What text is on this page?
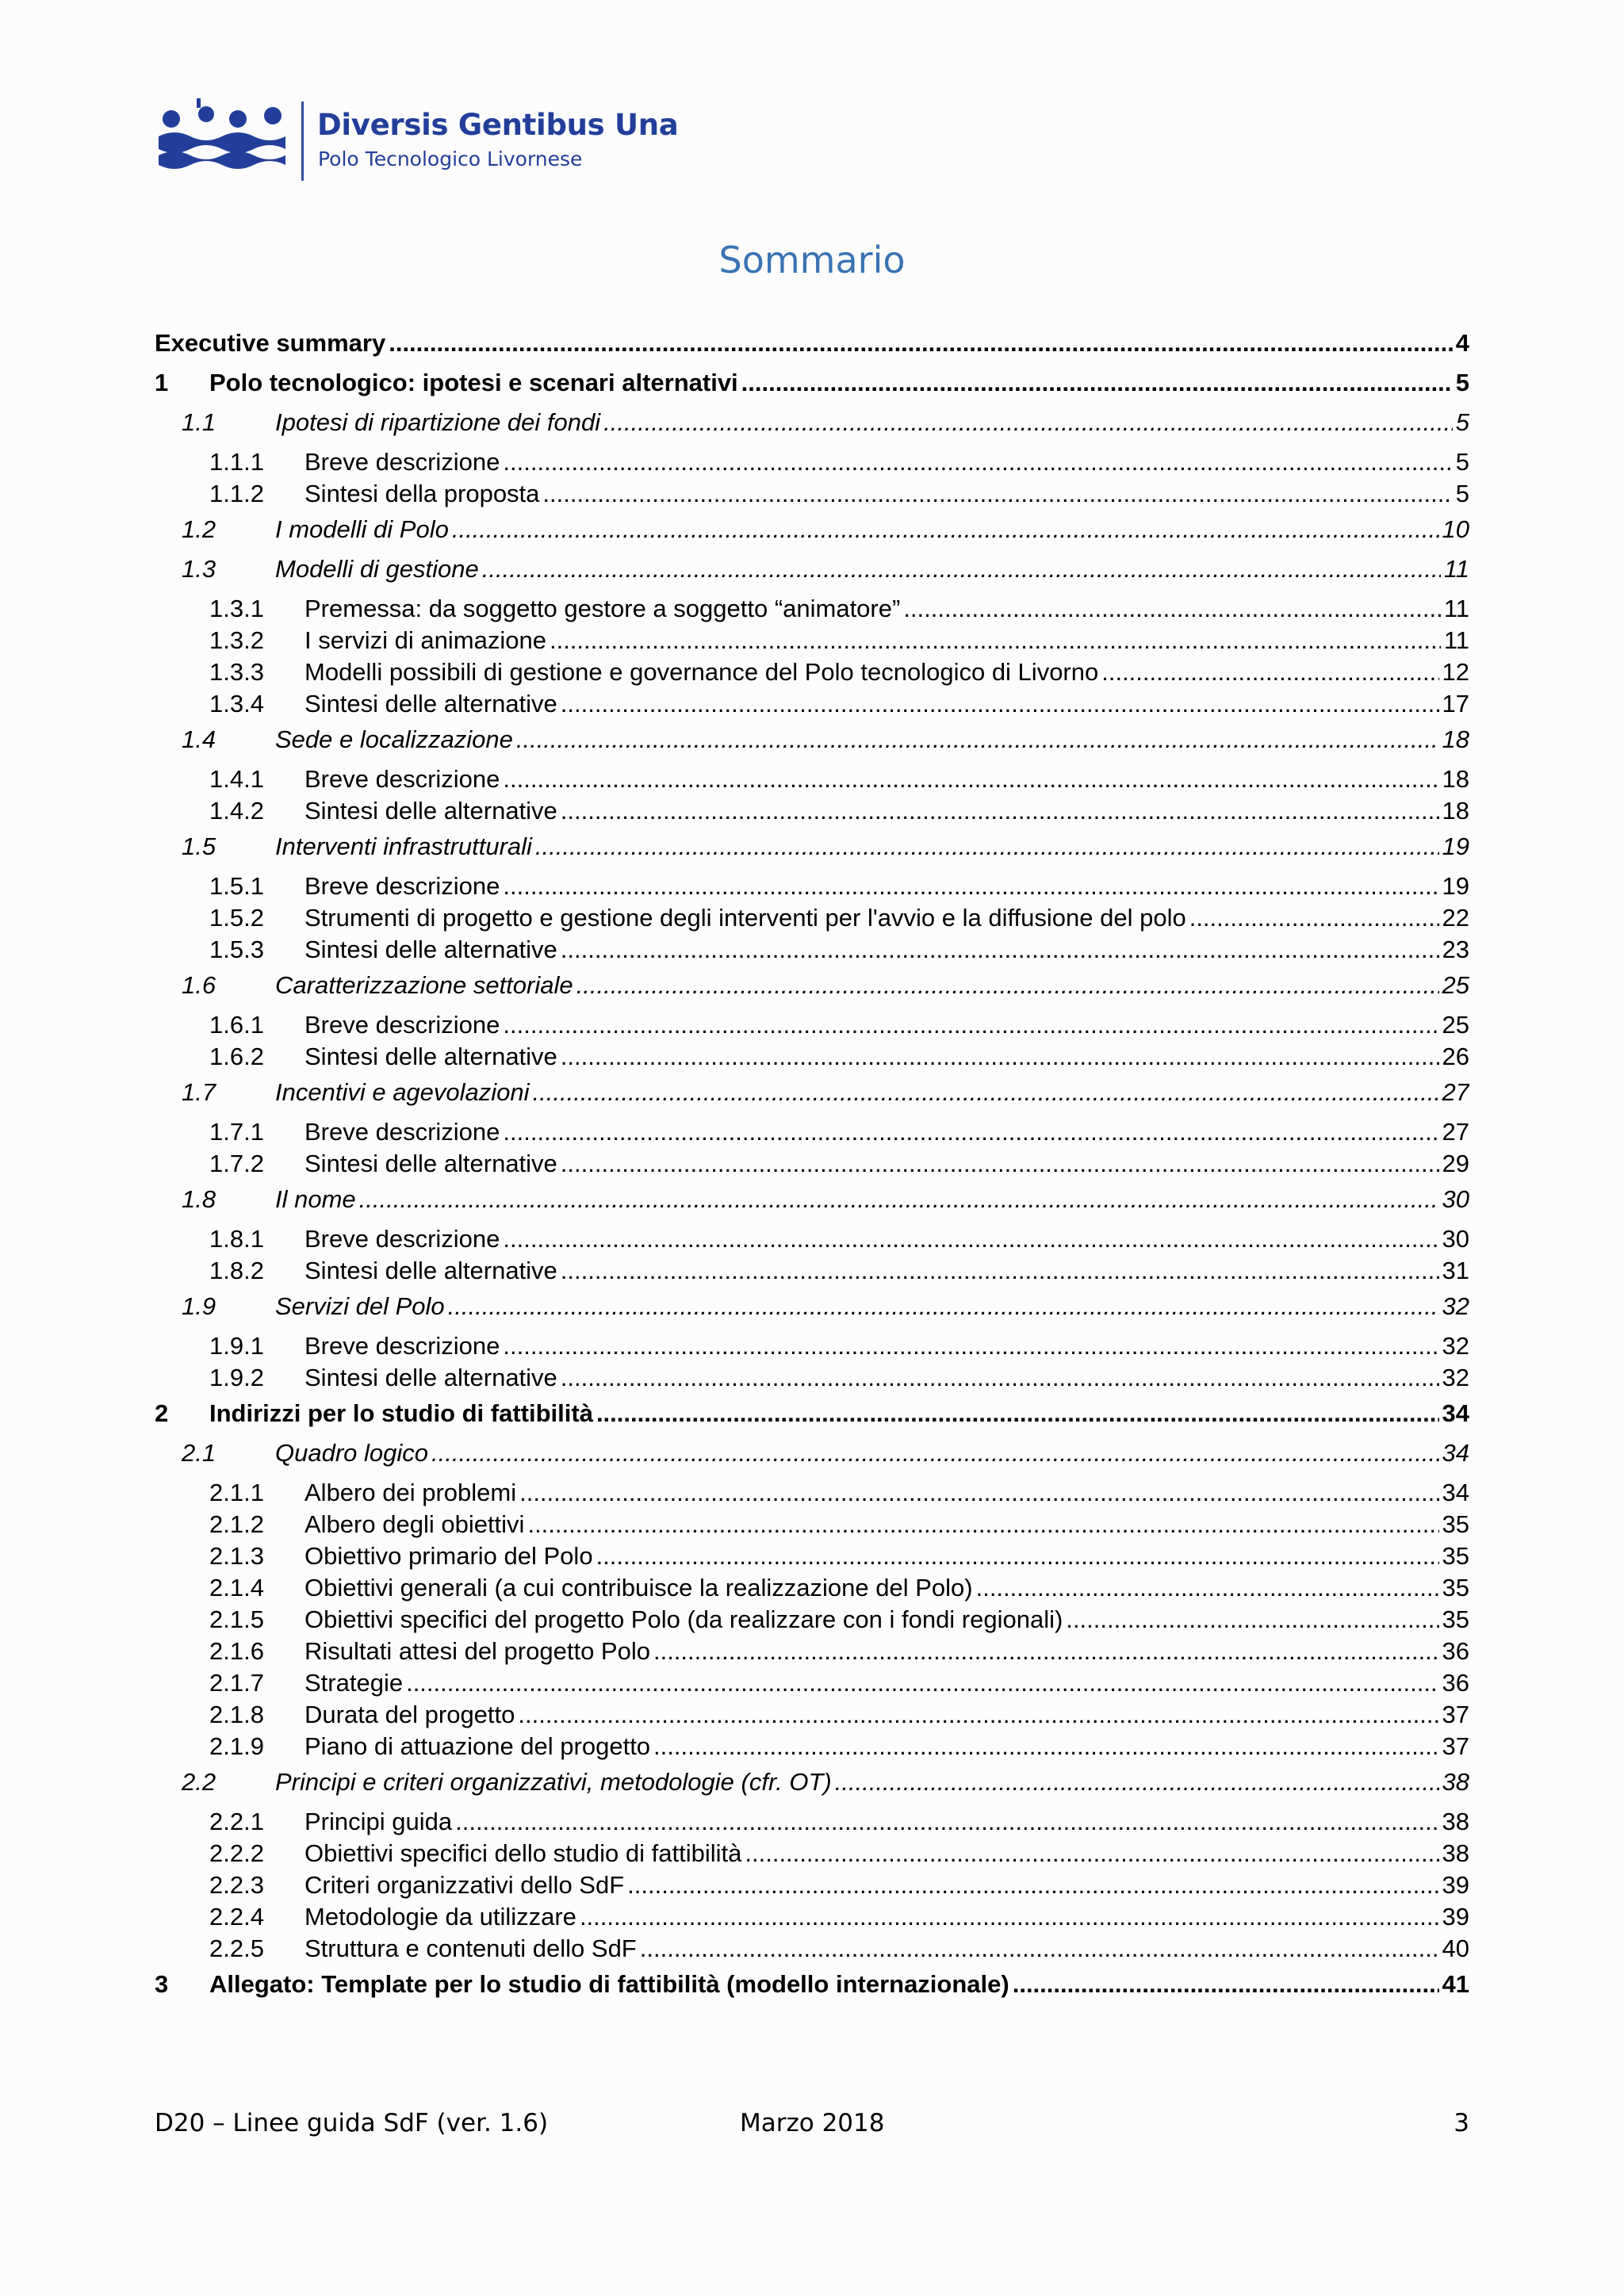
Diversis Gentibus Una
Polo Tecnologico Livornese
Sommario
Executive summary .....	4
1 Polo tecnologico: ipotesi e scenari alternativi .....	5
1.1 Ipotesi di ripartizione dei fondi .....	5
1.1.1 Breve descrizione .....	5
1.1.2 Sintesi della proposta .....	5
1.2 I modelli di Polo .....	10
1.3 Modelli di gestione .....	11
1.3.1 Premessa: da soggetto gestore a soggetto “animatore” .....	11
1.3.2 I servizi di animazione .....	11
1.3.3 Modelli possibili di gestione e governance del Polo tecnologico di Livorno .....	12
1.3.4 Sintesi delle alternative .....	17
1.4 Sede e localizzazione .....	18
1.4.1 Breve descrizione .....	18
1.4.2 Sintesi delle alternative .....	18
1.5 Interventi infrastrutturali .....	19
1.5.1 Breve descrizione .....	19
1.5.2 Strumenti di progetto e gestione degli interventi per l'avvio e la diffusione del polo .....	22
1.5.3 Sintesi delle alternative .....	23
1.6 Caratterizzazione settoriale .....	25
1.6.1 Breve descrizione .....	25
1.6.2 Sintesi delle alternative .....	26
1.7 Incentivi e agevolazioni .....	27
1.7.1 Breve descrizione .....	27
1.7.2 Sintesi delle alternative .....	29
1.8 Il nome .....	30
1.8.1 Breve descrizione .....	30
1.8.2 Sintesi delle alternative .....	31
1.9 Servizi del Polo .....	32
1.9.1 Breve descrizione .....	32
1.9.2 Sintesi delle alternative .....	32
2 Indirizzi per lo studio di fattibilità .....	34
2.1 Quadro logico .....	34
2.1.1 Albero dei problemi .....	34
2.1.2 Albero degli obiettivi .....	35
2.1.3 Obiettivo primario del Polo .....	35
2.1.4 Obiettivi generali (a cui contribuisce la realizzazione del Polo) .....	35
2.1.5 Obiettivi specifici del progetto Polo (da realizzare con i fondi regionali) .....	35
2.1.6 Risultati attesi del progetto Polo .....	36
2.1.7 Strategie .....	36
2.1.8 Durata del progetto .....	37
2.1.9 Piano di attuazione del progetto .....	37
2.2 Principi e criteri organizzativi, metodologie (cfr. OT) .....	38
2.2.1 Principi guida .....	38
2.2.2 Obiettivi specifici dello studio di fattibilità .....	38
2.2.3 Criteri organizzativi dello SdF .....	39
2.2.4 Metodologie da utilizzare .....	39
2.2.5 Struttura e contenuti dello SdF .....	40
3 Allegato: Template per lo studio di fattibilità (modello internazionale) .....	41
D20 – Linee guida SdF (ver. 1.6)	Marzo 2018	3
